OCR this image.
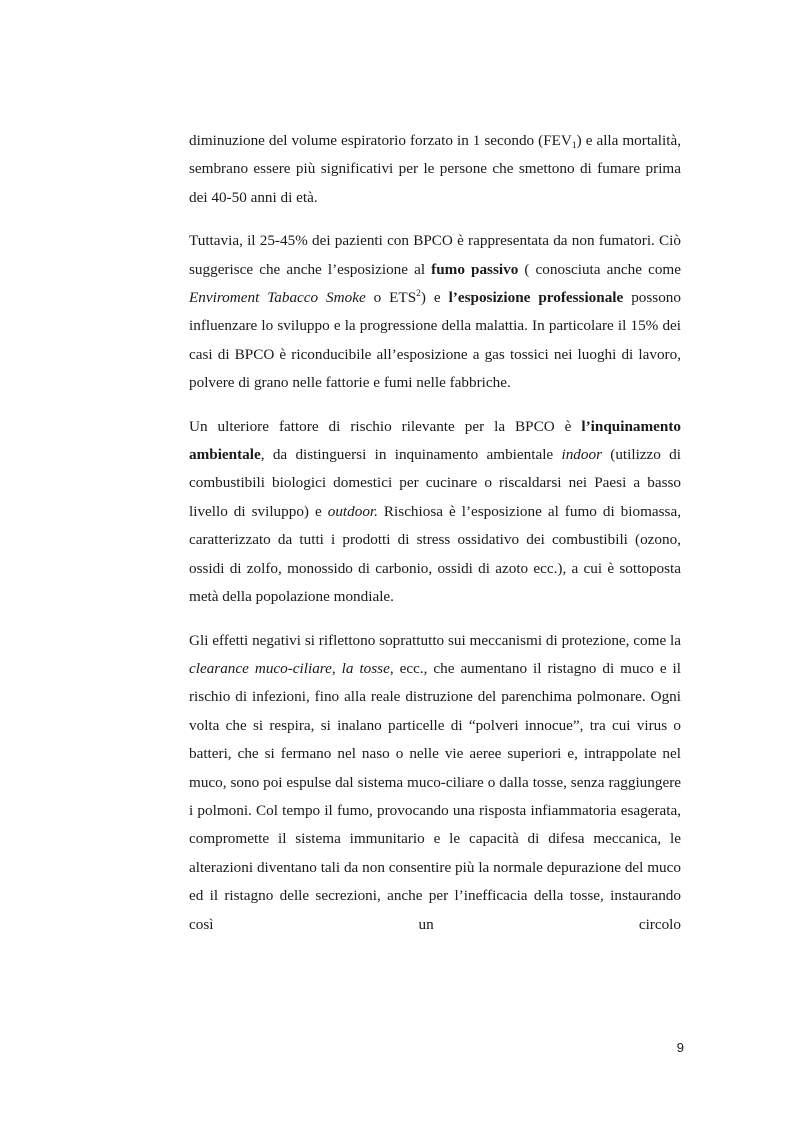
diminuzione del volume espiratorio forzato in 1 secondo $(FEV_1)$ e alla mortalità, sembrano essere più significativi per le persone che smettono di fumare prima dei 40-50 anni di età.

Tuttavia, il 25-45% dei pazienti con BPCO è rappresentata da non fumatori. Ciò suggerisce che anche l’esposizione al fumo passivo ( conosciuta anche come Enviroment Tabacco Smoke o ETS$^2$) e l’esposizione professionale possono influenzare lo sviluppo e la progressione della malattia. In particolare il 15% dei casi di BPCO è riconducibile all’esposizione a gas tossici nei luoghi di lavoro, polvere di grano nelle fattorie e fumi nelle fabbriche.

Un ulteriore fattore di rischio rilevante per la BPCO è l’inquinamento ambientale, da distinguersi in inquinamento ambientale indoor (utilizzo di combustibili biologici domestici per cucinare o riscaldarsi nei Paesi a basso livello di sviluppo) e outdoor. Rischiosa è l’esposizione al fumo di biomassa, caratterizzato da tutti i prodotti di stress ossidativo dei combustibili (ozono, ossidi di zolfo, monossido di carbonio, ossidi di azoto ecc.), a cui è sottoposta metà della popolazione mondiale.

Gli effetti negativi si riflettono soprattutto sui meccanismi di protezione, come la clearance muco-ciliare, la tosse, ecc., che aumentano il ristagno di muco e il rischio di infezioni, fino alla reale distruzione del parenchima polmonare. Ogni volta che si respira, si inalano particelle di “polveri innocue”, tra cui virus o batteri, che si fermano nel naso o nelle vie aeree superiori e, intrappolate nel muco, sono poi espulse dal sistema muco-ciliare o dalla tosse, senza raggiungere i polmoni. Col tempo il fumo, provocando una risposta infiammatoria esagerata, compromette il sistema immunitario e le capacità di difesa meccanica, le alterazioni diventano tali da non consentire più la normale depurazione del muco ed il ristagno delle secrezioni, anche per l’inefficacia della tosse, instaurando così un circolo

9
